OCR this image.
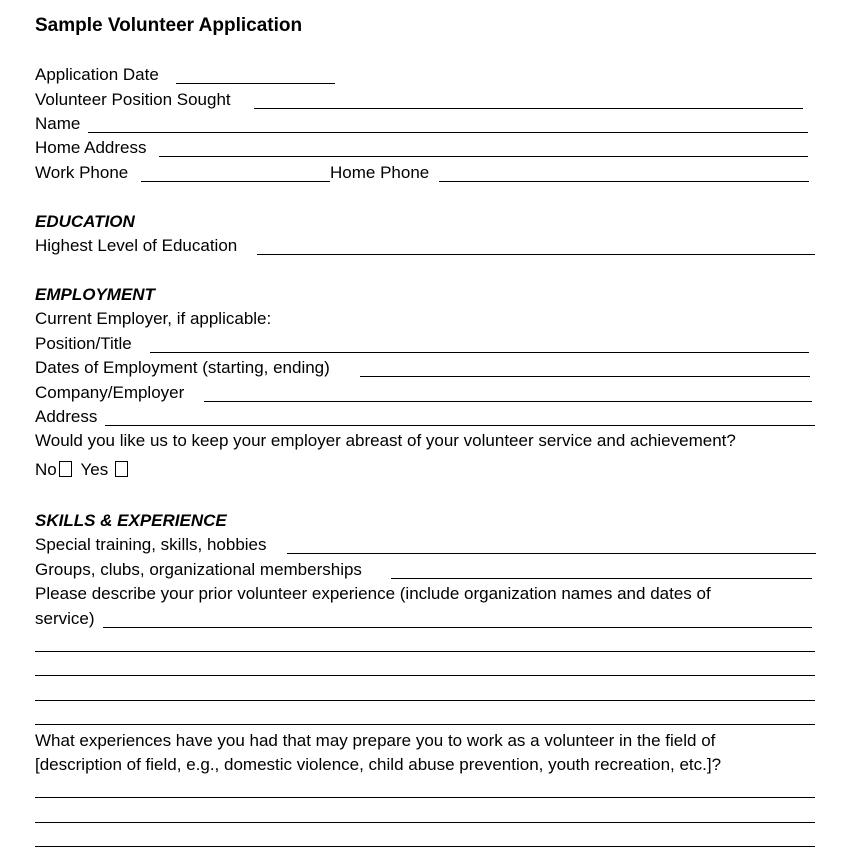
Sample Volunteer Application
Application Date
Volunteer Position Sought
Name
Home Address
Work Phone	Home Phone
EDUCATION
Highest Level of Education
EMPLOYMENT
Current Employer, if applicable:
Position/Title
Dates of Employment (starting, ending)
Company/Employer
Address
Would you like us to keep your employer abreast of your volunteer service and achievement?
No Yes
SKILLS & EXPERIENCE
Special training, skills, hobbies
Groups, clubs, organizational memberships
Please describe your prior volunteer experience (include organization names and dates of
service)
What experiences have you had that may prepare you to work as a volunteer in the field of
[description of field, e.g., domestic violence, child abuse prevention, youth recreation, etc.]?
